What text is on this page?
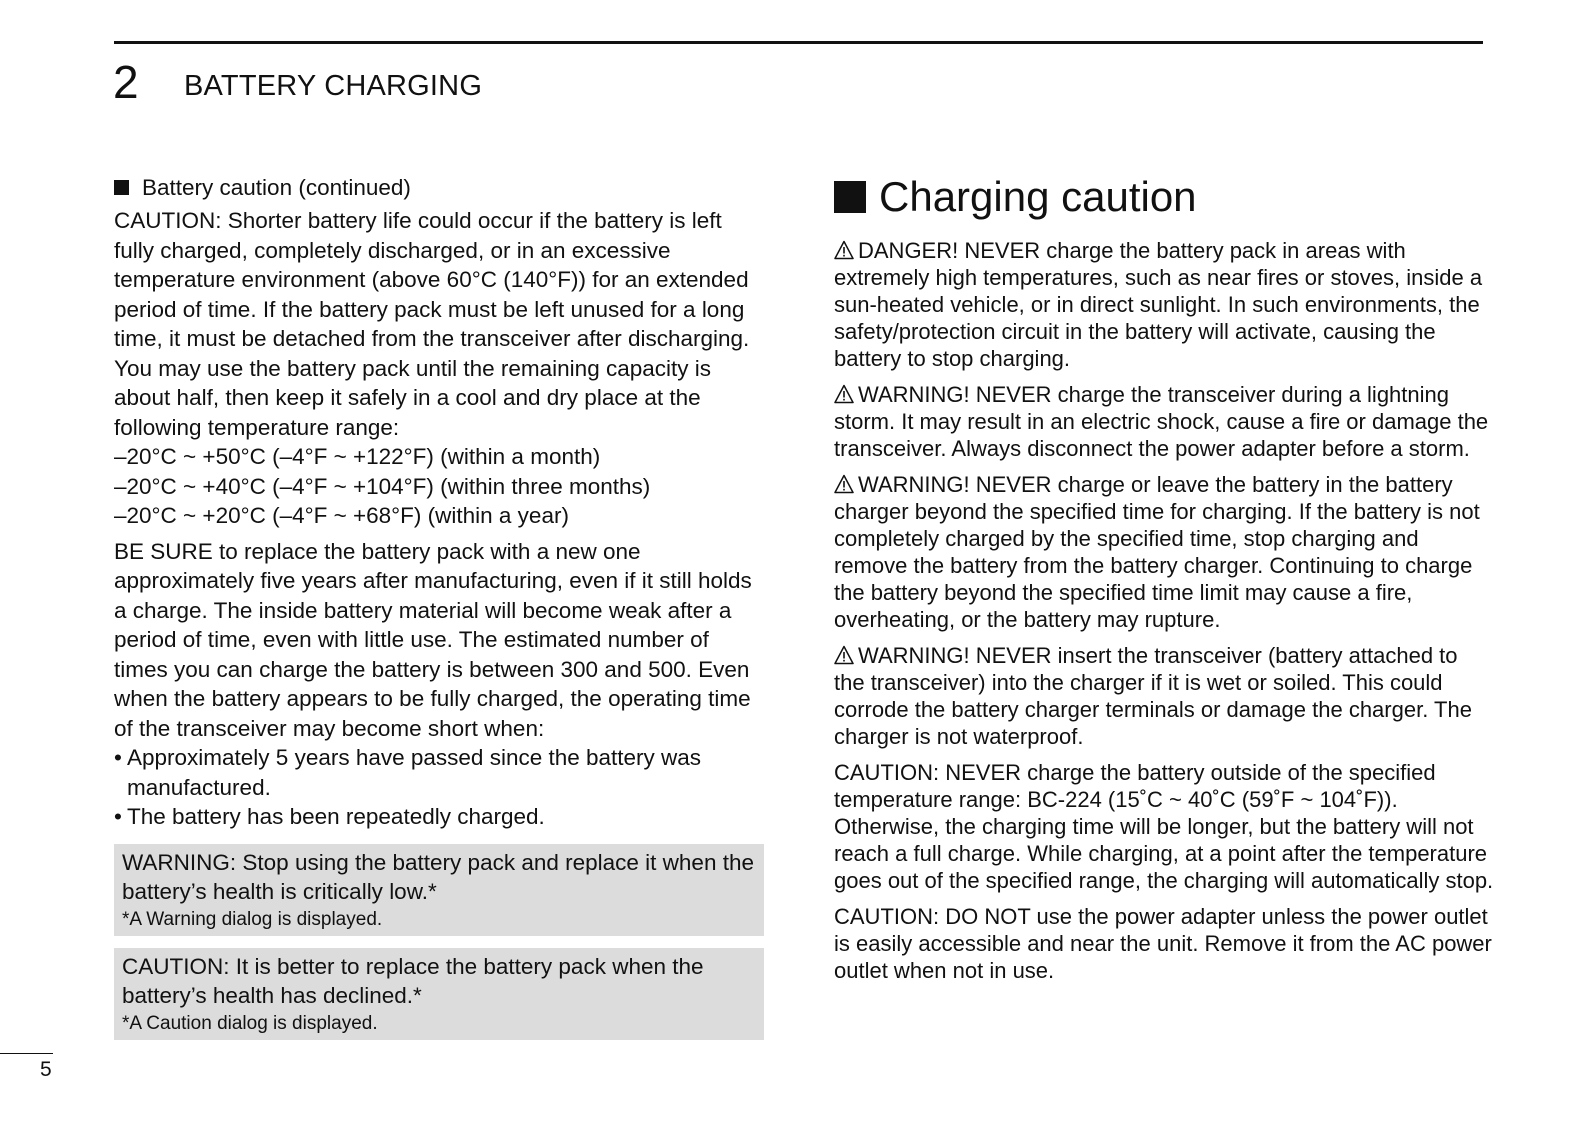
2 BATTERY CHARGING
Battery caution (continued)

CAUTION: Shorter battery life could occur if the battery is left fully charged, completely discharged, or in an excessive temperature environment (above 60°C (140°F)) for an extended period of time. If the battery pack must be left unused for a long time, it must be detached from the transceiver after discharging. You may use the battery pack until the remaining capacity is about half, then keep it safely in a cool and dry place at the following temperature range:

–20°C ~ +50°C (–4°F ~ +122°F) (within a month)

–20°C ~ +40°C (–4°F ~ +104°F) (within three months)

–20°C ~ +20°C (–4°F ~ +68°F) (within a year)

BE SURE to replace the battery pack with a new one approximately five years after manufacturing, even if it still holds a charge. The inside battery material will become weak after a period of time, even with little use. The estimated number of times you can charge the battery is between 300 and 500. Even when the battery appears to be fully charged, the operating time of the transceiver may become short when:

• Approximately 5 years have passed since the battery was manufactured.
• The battery has been repeatedly charged.
WARNING: Stop using the battery pack and replace it when the battery’s health is critically low.*
*A Warning dialog is displayed.
CAUTION: It is better to replace the battery pack when the battery’s health has declined.*
*A Caution dialog is displayed.
Charging caution

DANGER! NEVER charge the battery pack in areas with extremely high temperatures, such as near fires or stoves, inside a sun-heated vehicle, or in direct sunlight. In such environments, the safety/protection circuit in the battery will activate, causing the battery to stop charging.

WARNING! NEVER charge the transceiver during a lightning storm. It may result in an electric shock, cause a fire or damage the transceiver. Always disconnect the power adapter before a storm.

WARNING! NEVER charge or leave the battery in the battery charger beyond the specified time for charging. If the battery is not completely charged by the specified time, stop charging and remove the battery from the battery charger. Continuing to charge the battery beyond the specified time limit may cause a fire, overheating, or the battery may rupture.

WARNING! NEVER insert the transceiver (battery attached to the transceiver) into the charger if it is wet or soiled. This could corrode the battery charger terminals or damage the charger. The charger is not waterproof.

CAUTION: NEVER charge the battery outside of the specified temperature range: BC-224 (15˚C ~ 40˚C (59˚F ~ 104˚F)). Otherwise, the charging time will be longer, but the battery will not reach a full charge. While charging, at a point after the temperature goes out of the specified range, the charging will automatically stop.

CAUTION: DO NOT use the power adapter unless the power outlet is easily accessible and near the unit. Remove it from the AC power outlet when not in use.

5
